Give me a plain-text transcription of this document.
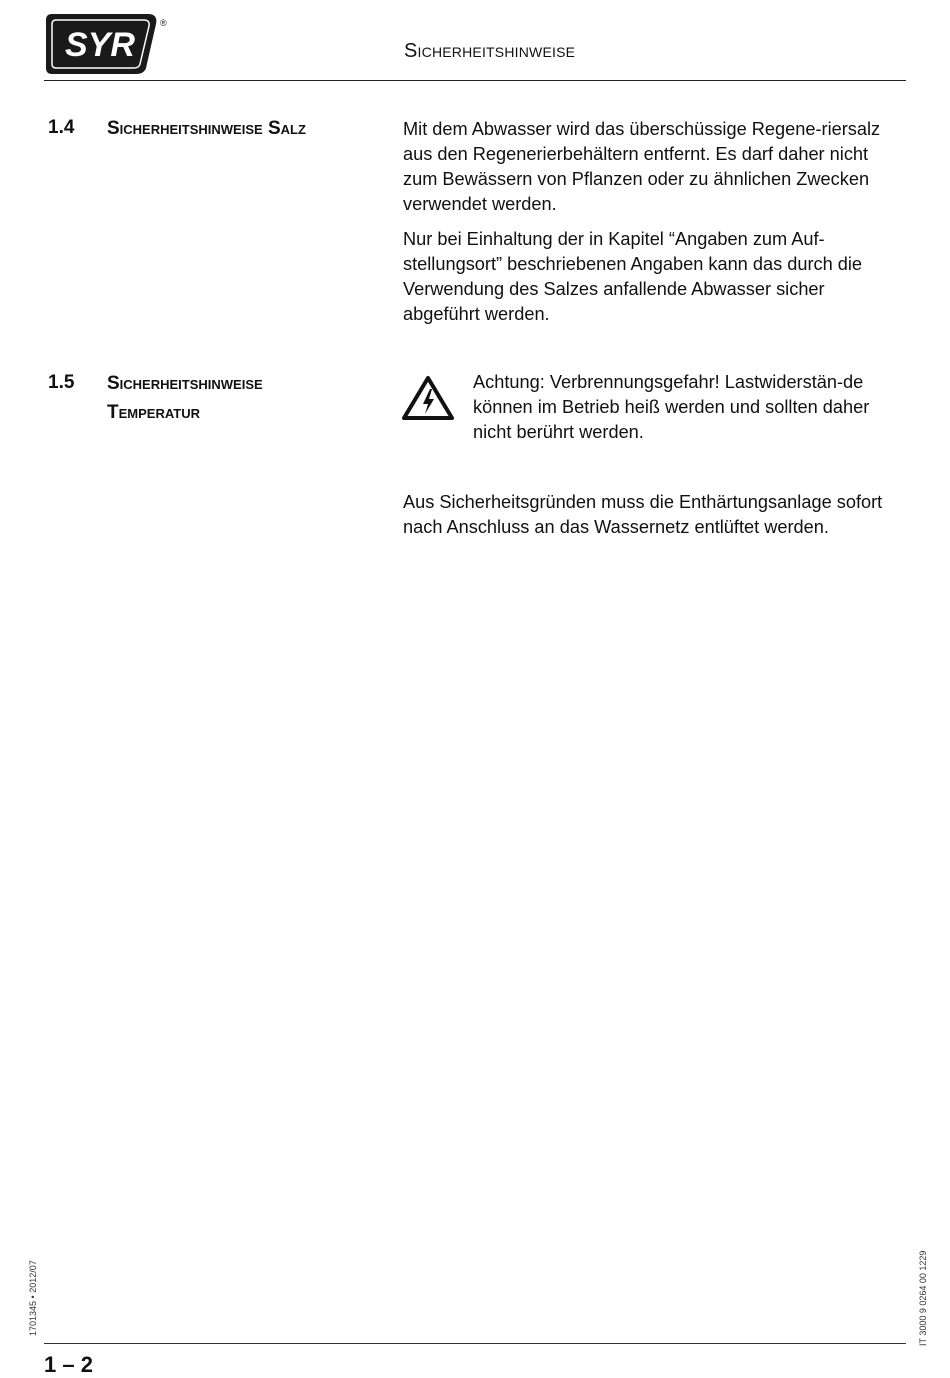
SYR
®
Sicherheitshinweise
1.4 Sicherheitshinweise Salz	Mit dem Abwasser wird das überschüssige Regene-riersalz aus den Regenerierbehältern entfernt. Es darf daher nicht zum Bewässern von Pflanzen oder zu ähnlichen Zwecken verwendet werden.

Nur bei Einhaltung der in Kapitel “Angaben zum Auf-stellungsort” beschriebenen Angaben kann das durch die Verwendung des Salzes anfallende Abwasser sicher abgeführt werden.

1.5 Sicherheitshinweise
Temperatur

Achtung: Verbrennungsgefahr! Lastwiderstän-de können im Betrieb heiß werden und sollten daher nicht berührt werden.

Aus Sicherheitsgründen muss die Enthärtungsanlage sofort nach Anschluss an das Wassernetz entlüftet werden.

1701345 • 2012/07	IT 3000 9 0264 00 1229
1 – 2
